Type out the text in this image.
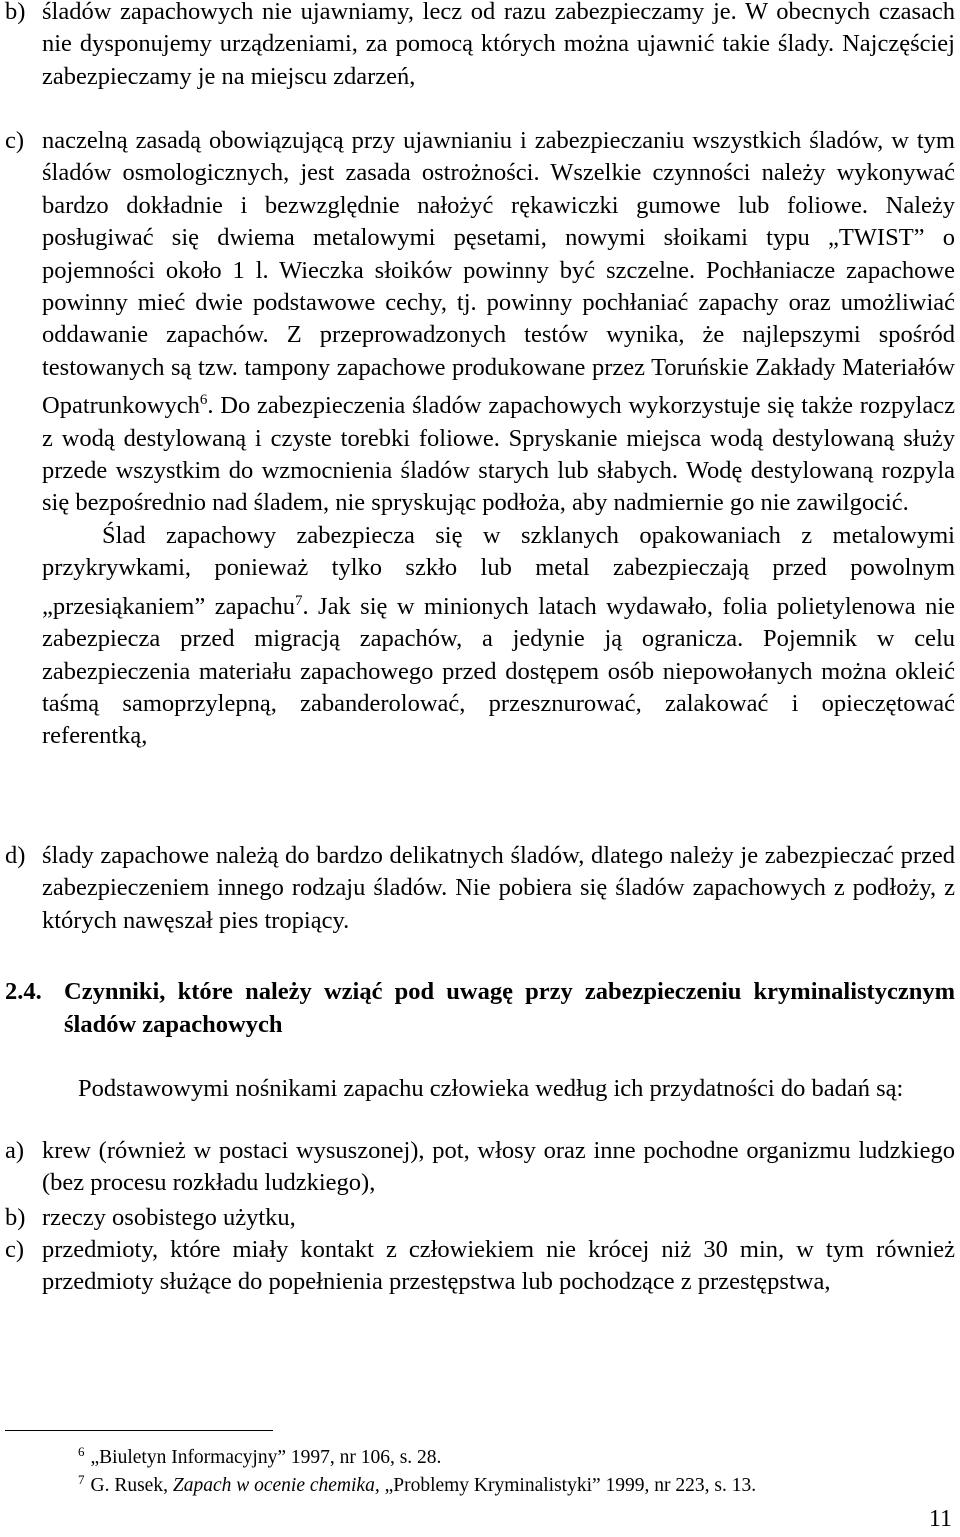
b) śladów zapachowych nie ujawniamy, lecz od razu zabezpieczamy je. W obecnych czasach nie dysponujemy urządzeniami, za pomocą których można ujawnić takie ślady. Najczęściej zabezpieczamy je na miejscu zdarzeń,

c) naczelną zasadą obowiązującą przy ujawnianiu i zabezpieczaniu wszystkich śladów, w tym śladów osmologicznych, jest zasada ostrożności. Wszelkie czynności należy wykonywać bardzo dokładnie i bezwzględnie nałożyć rękawiczki gumowe lub foliowe. Należy posługiwać się dwiema metalowymi pęsetami, nowymi słoikami typu „TWIST” o pojemności około 1 l. Wieczka słoików powinny być szczelne. Pochłaniacze zapachowe powinny mieć dwie podstawowe cechy, tj. powinny pochłaniać zapachy oraz umożliwiać oddawanie zapachów. Z przeprowadzonych testów wynika, że najlepszymi spośród testowanych są tzw. tampony zapachowe produkowane przez Toruńskie Zakłady Materiałów Opatrunkowych$^6$. Do zabezpieczenia śladów zapachowych wykorzystuje się także rozpylacz z wodą destylowaną i czyste torebki foliowe. Spryskanie miejsca wodą destylowaną służy przede wszystkim do wzmocnienia śladów starych lub słabych. Wodę destylowaną rozpyla się bezpośrednio nad śladem, nie spryskując podłoża, aby nadmiernie go nie zawilgocić.

Ślad zapachowy zabezpiecza się w szklanych opakowaniach z metalowymi przykrywkami, ponieważ tylko szkło lub metal zabezpieczają przed powolnym „przesiąkaniem” zapachu$^7$. Jak się w minionych latach wydawało, folia polietylenowa nie zabezpiecza przed migracją zapachów, a jedynie ją ogranicza. Pojemnik w celu zabezpieczenia materiału zapachowego przed dostępem osób niepowołanych można okleić taśmą samoprzylepną, zabanderolować, przesznurować, zalakować i opieczętować referentką,

d) ślady zapachowe należą do bardzo delikatnych śladów, dlatego należy je zabezpieczać przed zabezpieczeniem innego rodzaju śladów. Nie pobiera się śladów zapachowych z podłoży, z których nawęszał pies tropiący.

2.4. Czynniki, które należy wziąć pod uwagę przy zabezpieczeniu kryminalistycznym śladów zapachowych
Podstawowymi nośnikami zapachu człowieka według ich przydatności do badań są:
a) krew (również w postaci wysuszonej), pot, włosy oraz inne pochodne organizmu ludzkiego (bez procesu rozkładu ludzkiego),
b) rzeczy osobistego użytku,
c) przedmioty, które miały kontakt z człowiekiem nie krócej niż 30 min, w tym również przedmioty służące do popełnienia przestępstwa lub pochodzące z przestępstwa,
$^6$ „Biuletyn Informacyjny” 1997, nr 106, s. 28.
$^7$ G. Rusek, Zapach w ocenie chemika, „Problemy Kryminalistyki” 1999, nr 223, s. 13.
11
